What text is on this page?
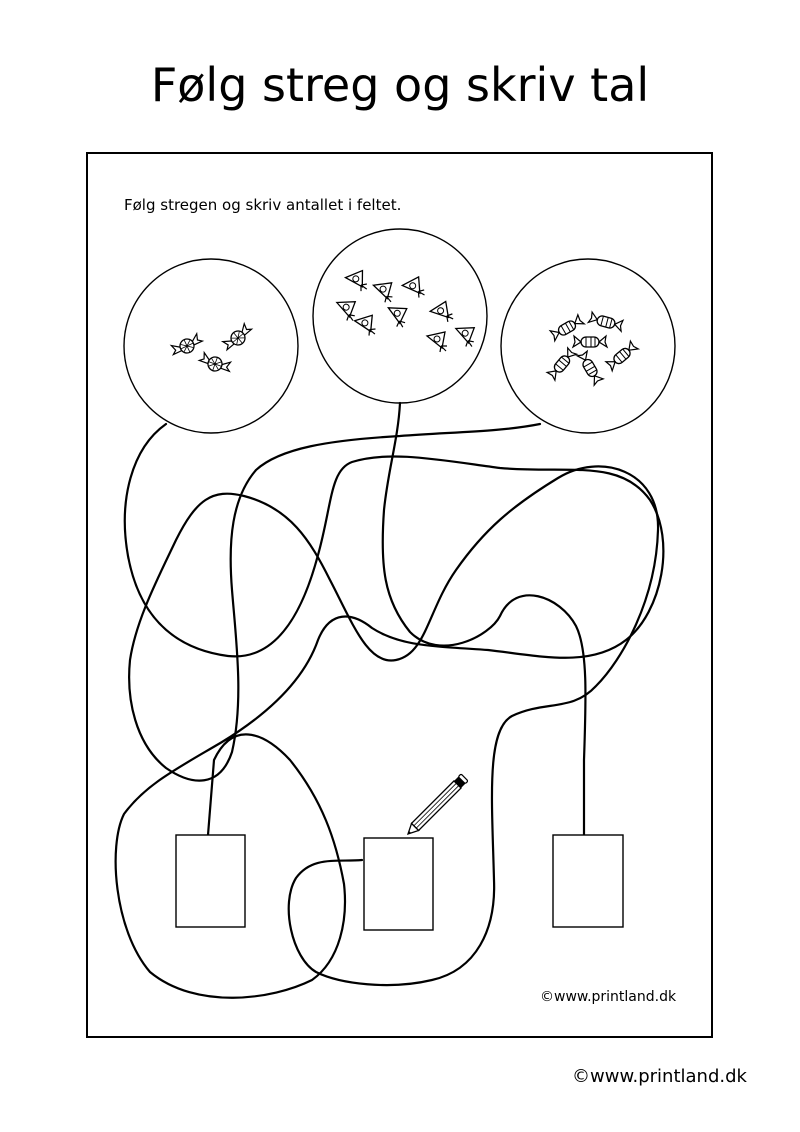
Følg streg og skriv tal
Følg stregen og skriv antallet i feltet.
©www.printland.dk
©www.printland.dk
